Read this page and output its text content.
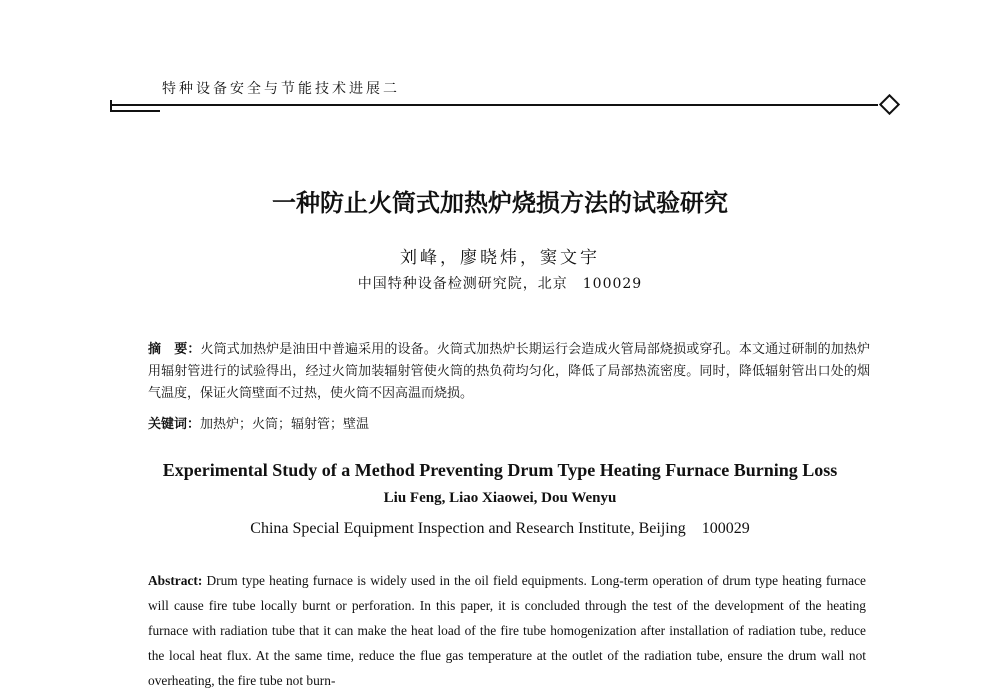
特种设备安全与节能技术进展二
一种防止火筒式加热炉烧损方法的试验研究
刘峰，廖晓炜，窦文宇
中国特种设备检测研究院，北京　100029
摘　要：火筒式加热炉是油田中普遍采用的设备。火筒式加热炉长期运行会造成火管局部烧损或穿孔。本文通过研制的加热炉用辐射管进行的试验得出，经过火筒加装辐射管使火筒的热负荷均匀化，降低了局部热流密度。同时，降低辐射管出口处的烟气温度，保证火筒壁面不过热，使火筒不因高温而烧损。
关键词：加热炉；火筒；辐射管；壁温
Experimental Study of a Method Preventing Drum Type Heating Furnace Burning Loss
Liu Feng, Liao Xiaowei, Dou Wenyu
China Special Equipment Inspection and Research Institute, Beijing　100029
Abstract: Drum type heating furnace is widely used in the oil field equipments. Long-term operation of drum type heating furnace will cause fire tube locally burnt or perforation. In this paper, it is concluded through the test of the development of the heating furnace with radiation tube that it can make the heat load of the fire tube homogenization after installation of radiation tube, reduce the local heat flux. At the same time, reduce the flue gas temperature at the outlet of the radiation tube, ensure the drum wall not overheating, the fire tube not burn-
